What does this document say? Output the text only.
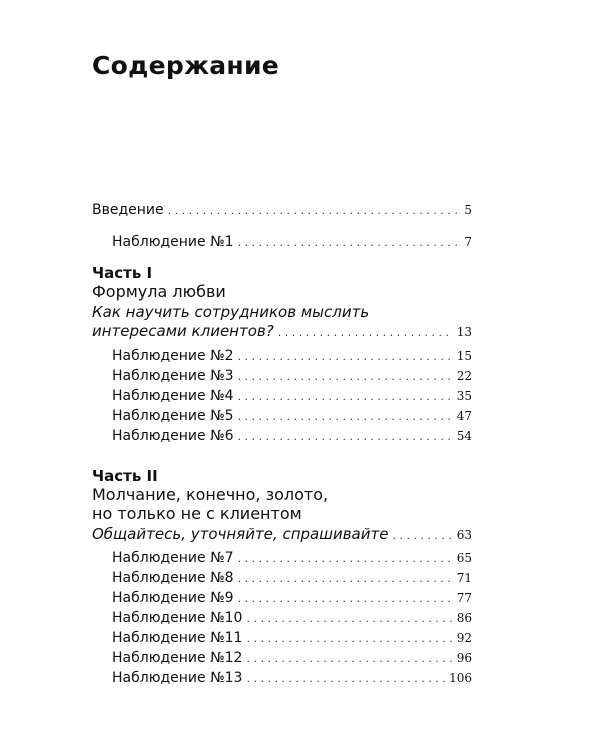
Содержание
Введение . . .	5
Наблюдение №1 . . .	7
Часть I
Формула любви
Как научить сотрудников мыслить
интересами клиентов? . . .	13
Наблюдение №2 . . .	15
Наблюдение №3 . . .	22
Наблюдение №4 . . .	35
Наблюдение №5 . . .	47
Наблюдение №6 . . .	54
Часть II
Молчание, конечно, золото,
но только не с клиентом
Общайтесь, уточняйте, спрашивайте . . .	63
Наблюдение №7 . . .	65
Наблюдение №8 . . .	71
Наблюдение №9 . . .	77
Наблюдение №10 . . .	86
Наблюдение №11 . . .	92
Наблюдение №12 . . .	96
Наблюдение №13 . . .	106
